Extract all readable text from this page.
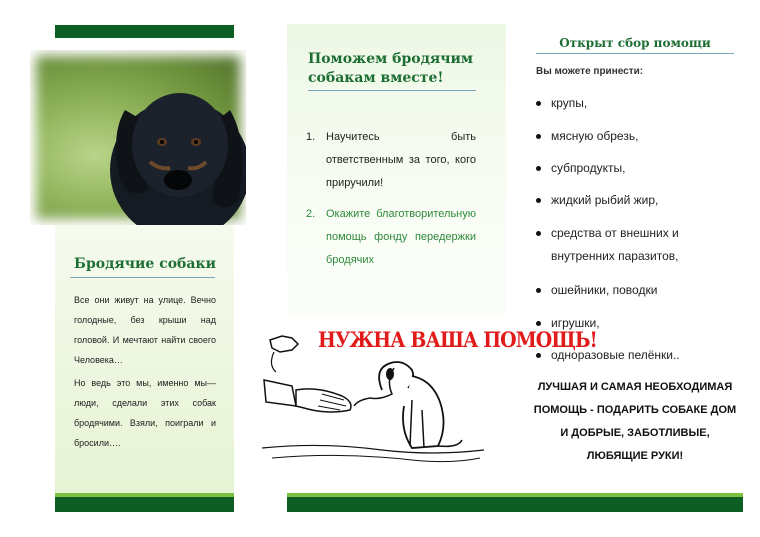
Бродячие собаки
Все они живут на улице. Вечно голодные, без крыши над головой. И мечтают найти своего Человека…
Но ведь это мы, именно мы—люди, сделали этих собак бродячими. Взяли, поиграли и бросили….
Поможем бродячим собакам вместе!
1. Научитесь быть ответственным за того, кого приручили!
2. Окажите благотворительную помощь фонду передержки бродячих
НУЖНА ВАША ПОМОЩЬ!
Открыт сбор помощи
Вы можете принести:
крупы,
мясную обрезь,
субпродукты,
жидкий рыбий жир,
средства от внешних и внутренних паразитов,
ошейники, поводки
игрушки,
одноразовые пелёнки..
ЛУЧШАЯ И САМАЯ НЕОБХОДИМАЯ ПОМОЩЬ - ПОДАРИТЬ СОБАКЕ ДОМ И ДОБРЫЕ, ЗАБОТЛИВЫЕ, ЛЮБЯЩИЕ РУКИ!
